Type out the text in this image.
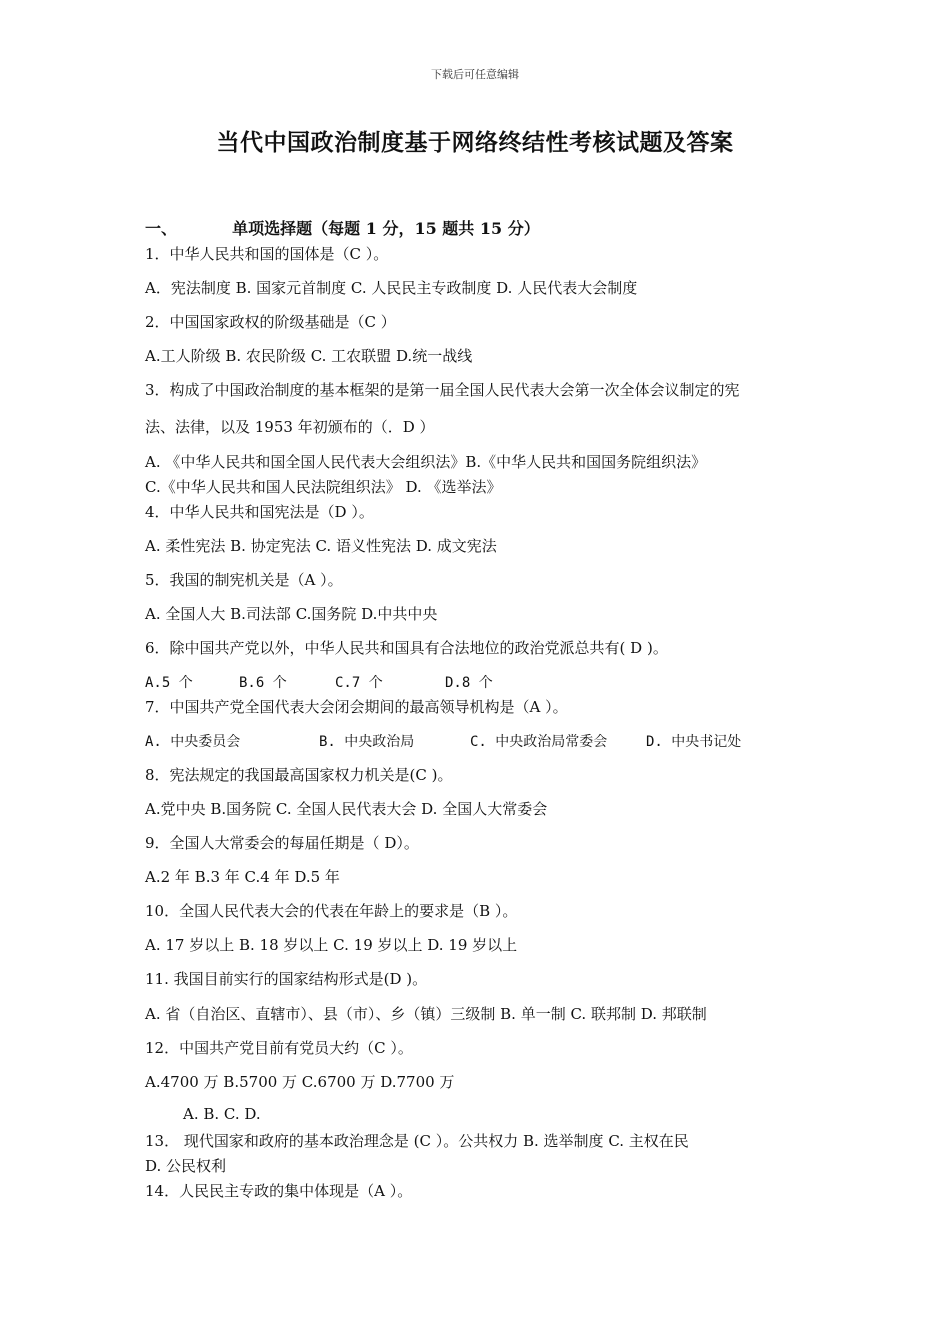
下载后可任意编辑
当代中国政治制度基于网络终结性考核试题及答案
一、	单项选择题（每题 1 分，15 题共 15 分）
1．中华人民共和国的国体是（C ）。
A．宪法制度 B. 国家元首制度 C. 人民民主专政制度 D. 人民代表大会制度
2．中国国家政权的阶级基础是（C ）
A.工人阶级 B. 农民阶级 C. 工农联盟 D.统一战线
3．构成了中国政治制度的基本框架的是第一届全国人民代表大会第一次全体会议制定的宪
法、法律，以及 1953 年初颁布的（．D ）
A. 《中华人民共和国全国人民代表大会组织法》B.《中华人民共和国国务院组织法》
C.《中华人民共和国人民法院组织法》 D. 《选举法》
4．中华人民共和国宪法是（D ）。
A. 柔性宪法 B. 协定宪法 C. 语义性宪法 D. 成文宪法
5．我国的制宪机关是（A ）。
A. 全国人大 B.司法部 C.国务院 D.中共中央
6．除中国共产党以外，中华人民共和国具有合法地位的政治党派总共有( D )。
A.5 个	B.6 个	C.7 个	D.8 个
7．中国共产党全国代表大会闭会期间的最高领导机构是（A ）。
A. 中央委员会	B. 中央政治局	C. 中央政治局常委会	D. 中央书记处
8．宪法规定的我国最高国家权力机关是(C )。
A.党中央 B.国务院 C. 全国人民代表大会 D. 全国人大常委会
9．全国人大常委会的每届任期是（ D）。
A.2 年 B.3 年 C.4 年 D.5 年
10．全国人民代表大会的代表在年龄上的要求是（B ）。
A. 17 岁以上 B. 18 岁以上 C. 19 岁以上 D. 19 岁以上
11. 我国目前实行的国家结构形式是(D )。
A. 省（自治区、直辖市）、县（市）、乡（镇）三级制 B. 单一制 C. 联邦制 D. 邦联制
12．中国共产党目前有党员大约（C ）。
A.4700 万 B.5700 万 C.6700 万 D.7700 万
A. B. C. D.
13． 现代国家和政府的基本政治理念是 (C ）。公共权力 B. 选举制度 C. 主权在民
D. 公民权利
14．人民民主专政的集中体现是（A ）。
